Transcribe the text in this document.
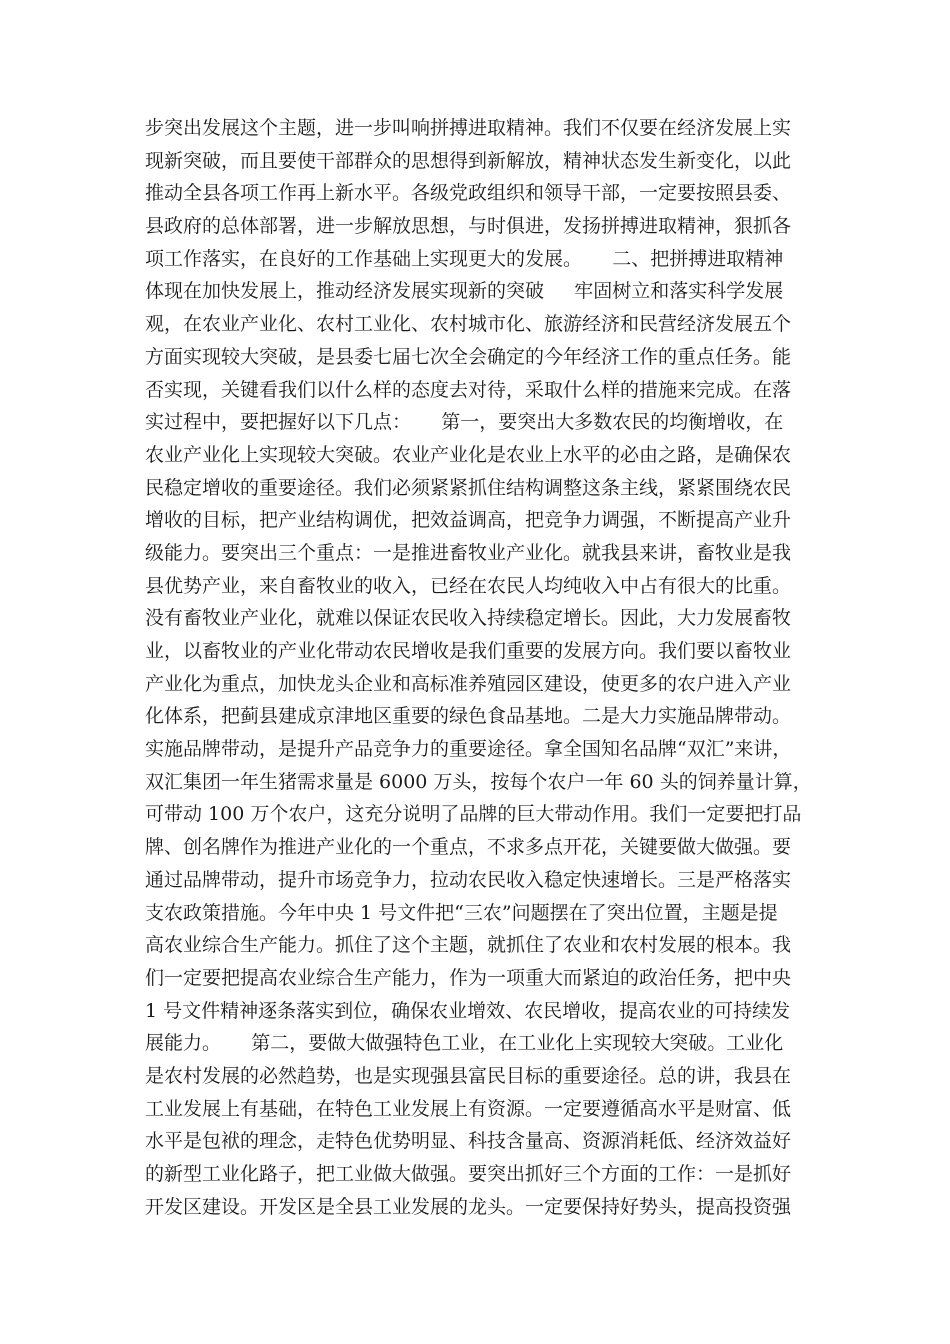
步突出发展这个主题，进一步叫响拼搏进取精神。我们不仅要在经济发展上实
现新突破，而且要使干部群众的思想得到新解放，精神状态发生新变化，以此
推动全县各项工作再上新水平。各级党政组织和领导干部，一定要按照县委、
县政府的总体部署，进一步解放思想，与时俱进，发扬拼搏进取精神，狠抓各
项工作落实，在良好的工作基础上实现更大的发展。     二、把拼搏进取精神
体现在加快发展上，推动经济发展实现新的突破     牢固树立和落实科学发展
观，在农业产业化、农村工业化、农村城市化、旅游经济和民营经济发展五个
方面实现较大突破，是县委七届七次全会确定的今年经济工作的重点任务。能
否实现，关键看我们以什么样的态度去对待，采取什么样的措施来完成。在落
实过程中，要把握好以下几点：     第一，要突出大多数农民的均衡增收，在
农业产业化上实现较大突破。农业产业化是农业上水平的必由之路，是确保农
民稳定增收的重要途径。我们必须紧紧抓住结构调整这条主线，紧紧围绕农民
增收的目标，把产业结构调优，把效益调高，把竞争力调强，不断提高产业升
级能力。要突出三个重点：一是推进畜牧业产业化。就我县来讲，畜牧业是我
县优势产业，来自畜牧业的收入，已经在农民人均纯收入中占有很大的比重。
没有畜牧业产业化，就难以保证农民收入持续稳定增长。因此，大力发展畜牧
业，以畜牧业的产业化带动农民增收是我们重要的发展方向。我们要以畜牧业
产业化为重点，加快龙头企业和高标准养殖园区建设，使更多的农户进入产业
化体系，把蓟县建成京津地区重要的绿色食品基地。二是大力实施品牌带动。
实施品牌带动，是提升产品竞争力的重要途径。拿全国知名品牌“双汇”来讲，
双汇集团一年生猪需求量是 6000 万头，按每个农户一年 60 头的饲养量计算，
可带动 100 万个农户，这充分说明了品牌的巨大带动作用。我们一定要把打品
牌、创名牌作为推进产业化的一个重点，不求多点开花，关键要做大做强。要
通过品牌带动，提升市场竞争力，拉动农民收入稳定快速增长。三是严格落实
支农政策措施。今年中央 1 号文件把“三农”问题摆在了突出位置，主题是提
高农业综合生产能力。抓住了这个主题，就抓住了农业和农村发展的根本。我
们一定要把提高农业综合生产能力，作为一项重大而紧迫的政治任务，把中央
1 号文件精神逐条落实到位，确保农业增效、农民增收，提高农业的可持续发
展能力。     第二，要做大做强特色工业，在工业化上实现较大突破。工业化
是农村发展的必然趋势，也是实现强县富民目标的重要途径。总的讲，我县在
工业发展上有基础，在特色工业发展上有资源。一定要遵循高水平是财富、低
水平是包袱的理念，走特色优势明显、科技含量高、资源消耗低、经济效益好
的新型工业化路子，把工业做大做强。要突出抓好三个方面的工作：一是抓好
开发区建设。开发区是全县工业发展的龙头。一定要保持好势头，提高投资强
